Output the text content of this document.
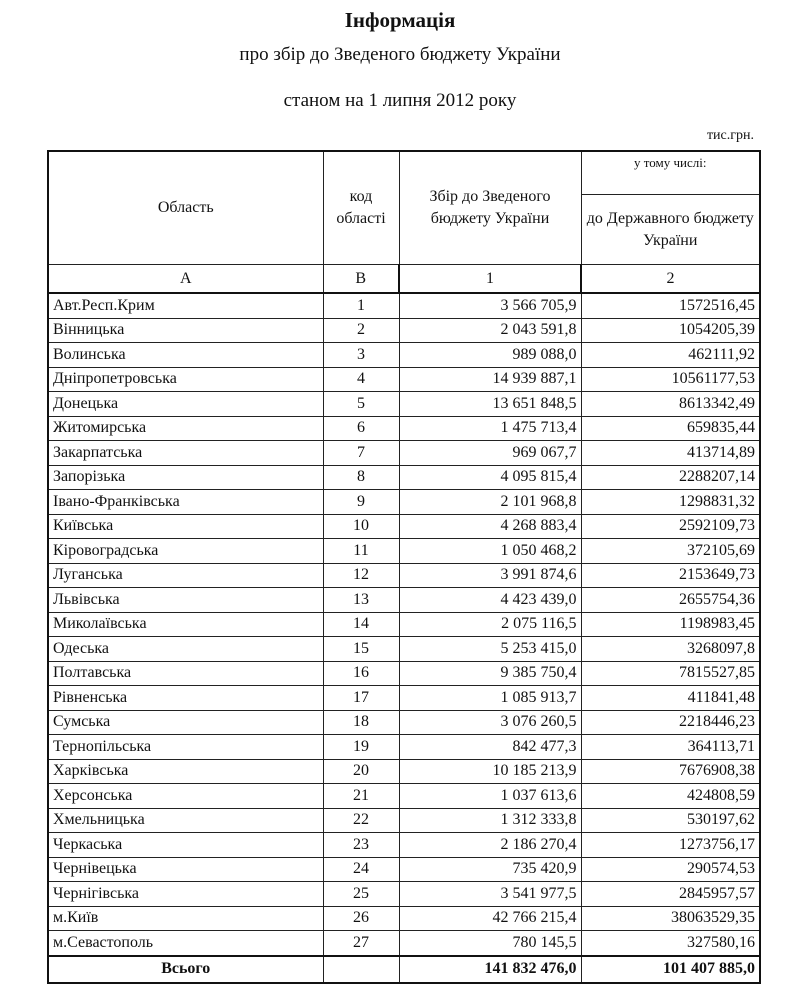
Інформація
про збір до Зведеного бюджету України
станом на 1 липня 2012 року
тис.грн.
Область	код області	Збір до Зведеного бюджету України	у тому числі:
			до Державного бюджету України
А	В	1	2
Авт.Респ.Крим	1	3 566 705,9	1572516,45
Вінницька	2	2 043 591,8	1054205,39
Волинська	3	989 088,0	462111,92
Дніпропетровська	4	14 939 887,1	10561177,53
Донецька	5	13 651 848,5	8613342,49
Житомирська	6	1 475 713,4	659835,44
Закарпатська	7	969 067,7	413714,89
Запорізька	8	4 095 815,4	2288207,14
Івано-Франківська	9	2 101 968,8	1298831,32
Київська	10	4 268 883,4	2592109,73
Кіровоградська	11	1 050 468,2	372105,69
Луганська	12	3 991 874,6	2153649,73
Львівська	13	4 423 439,0	2655754,36
Миколаївська	14	2 075 116,5	1198983,45
Одеська	15	5 253 415,0	3268097,8
Полтавська	16	9 385 750,4	7815527,85
Рівненська	17	1 085 913,7	411841,48
Сумська	18	3 076 260,5	2218446,23
Тернопільська	19	842 477,3	364113,71
Харківська	20	10 185 213,9	7676908,38
Херсонська	21	1 037 613,6	424808,59
Хмельницька	22	1 312 333,8	530197,62
Черкаська	23	2 186 270,4	1273756,17
Чернівецька	24	735 420,9	290574,53
Чернігівська	25	3 541 977,5	2845957,57
м.Київ	26	42 766 215,4	38063529,35
м.Севастополь	27	780 145,5	327580,16
Всього		141 832 476,0	101 407 885,0
